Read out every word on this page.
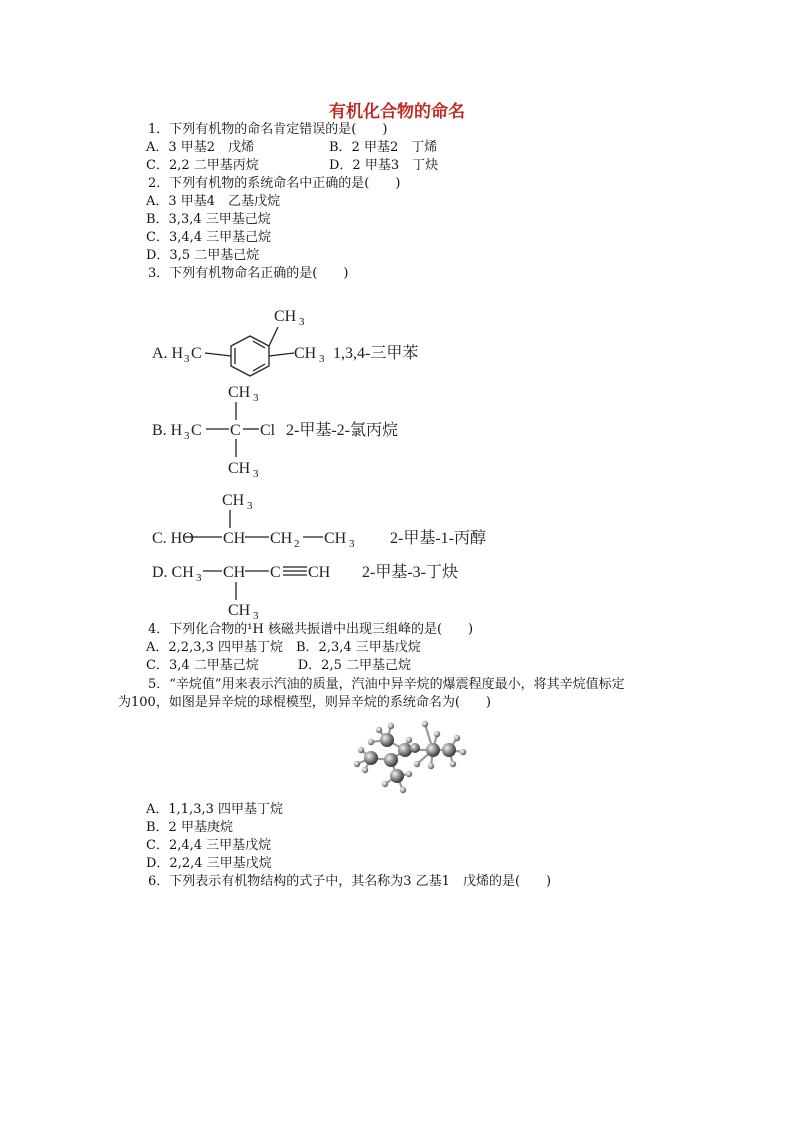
有机化合物的命名
1．下列有机物的命名肯定错误的是(　　)
A．3 甲基2　戊烯	B．2 甲基2　丁烯
C．2,2 二甲基丙烷	D．2 甲基3　丁炔
2．下列有机物的系统命名中正确的是(　　)
A．3 甲基4　乙基戊烷
B．3,3,4 三甲基己烷
C．3,4,4 三甲基己烷
D．3,5 二甲基己烷
3．下列有机物命名正确的是(　　)
A. H 3 C
CH 3
CH 3 1,3,4-三甲苯
CH 3
B. H 3 C C Cl 2-甲基-2-氯丙烷
CH 3
CH 3
C. HO CH CH 2 CH 3 2-甲基-1-丙醇
D. CH 3 CH C CH 2-甲基-3-丁炔
CH 3
4．下列化合物的¹H 核磁共振谱中出现三组峰的是(　　)
A．2,2,3,3 四甲基丁烷　B．2,3,4 三甲基戊烷
C．3,4 二甲基己烷　　　D．2,5 二甲基己烷
5．“辛烷值”用来表示汽油的质量，汽油中异辛烷的爆震程度最小，将其辛烷值标定
为100，如图是异辛烷的球棍模型，则异辛烷的系统命名为(　　)
A．1,1,3,3 四甲基丁烷
B．2 甲基庚烷
C．2,4,4 三甲基戊烷
D．2,2,4 三甲基戊烷
6．下列表示有机物结构的式子中，其名称为3 乙基1　戊烯的是(　　)
